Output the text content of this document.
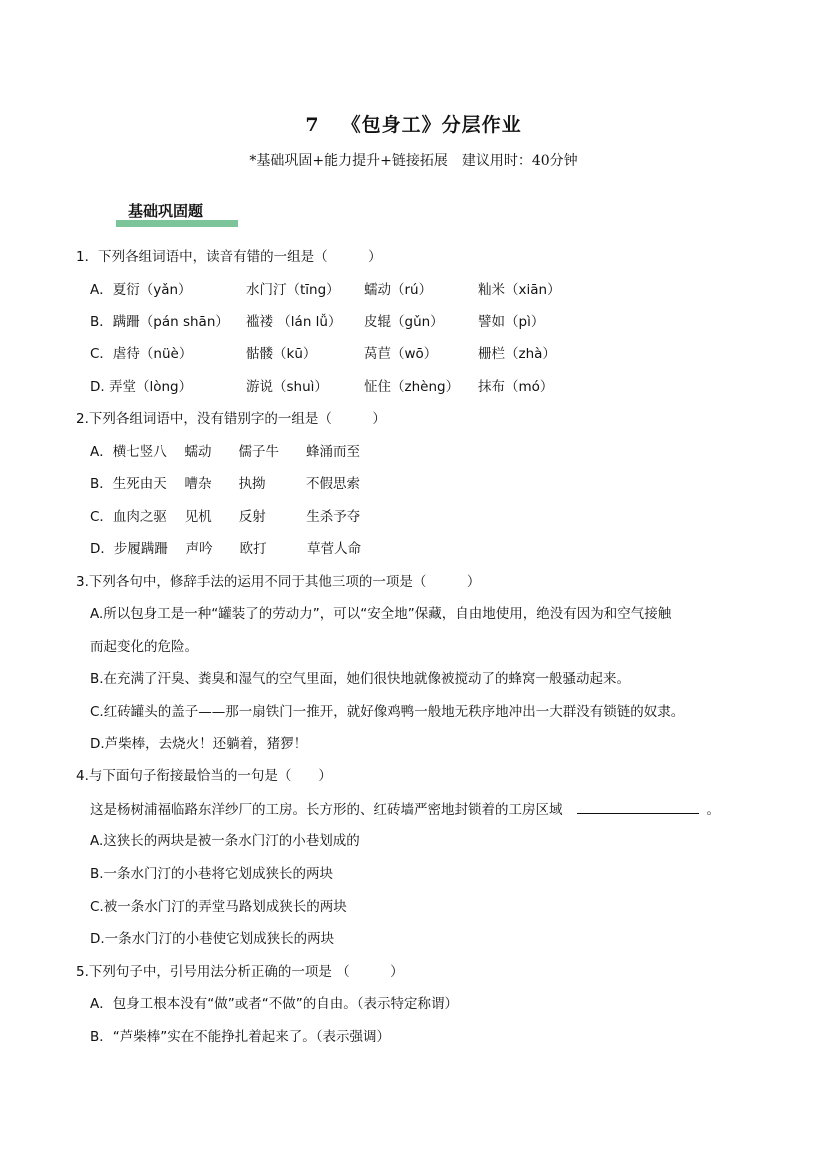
7 《包身工》分层作业
*基础巩固+能力提升+链接拓展　建议用时：40分钟
基础巩固题
1．下列各组词语中，读音有错的一组是（　　　）
A．夏衍（yǎn）	水门汀（tīng） 蠕动（rú）	籼米（xiān）
B．蹒跚（pán shān） 褴褛 （lán lǚ） 皮辊（gǔn）	譬如（pì）
C．虐待（nüè）	骷髅（kū）	莴苣（wō）	栅栏（zhà）
D. 弄堂（lòng）	游说（shuì）	怔住（zhèng） 抹布（mó）
2.下列各组词语中，没有错别字的一组是（　　　）
A．横七竖八　 蠕动　　儒子牛　　蜂涌而至
B．生死由天　 嘈杂　　执拗　　　不假思索
C．血肉之驱　 见机　　反射　　　生杀予夺
D．步履蹒跚　 声吟　　欧打　　　草菅人命
3.下列各句中，修辞手法的运用不同于其他三项的一项是（　　　）
A.所以包身工是一种“罐装了的劳动力”，可以“安全地”保藏，自由地使用，绝没有因为和空气接触
而起变化的危险。
B.在充满了汗臭、粪臭和湿气的空气里面，她们很快地就像被搅动了的蜂窝一般骚动起来。
C.红砖罐头的盖子——那一扇铁门一推开，就好像鸡鸭一般地无秩序地冲出一大群没有锁链的奴隶。
D.芦柴棒，去烧火！还躺着，猪猡！
4.与下面句子衔接最恰当的一句是（　　）
这是杨树浦福临路东洋纱厂的工房。长方形的、红砖墙严密地封锁着的工房区域	。
A.这狭长的两块是被一条水门汀的小巷划成的
B.一条水门汀的小巷将它划成狭长的两块
C.被一条水门汀的弄堂马路划成狭长的两块
D.一条水门汀的小巷使它划成狭长的两块
5.下列句子中，引号用法分析正确的一项是 （　　　）
A．包身工根本没有“做”或者“不做”的自由。（表示特定称谓）
B．“芦柴棒”实在不能挣扎着起来了。（表示强调）
